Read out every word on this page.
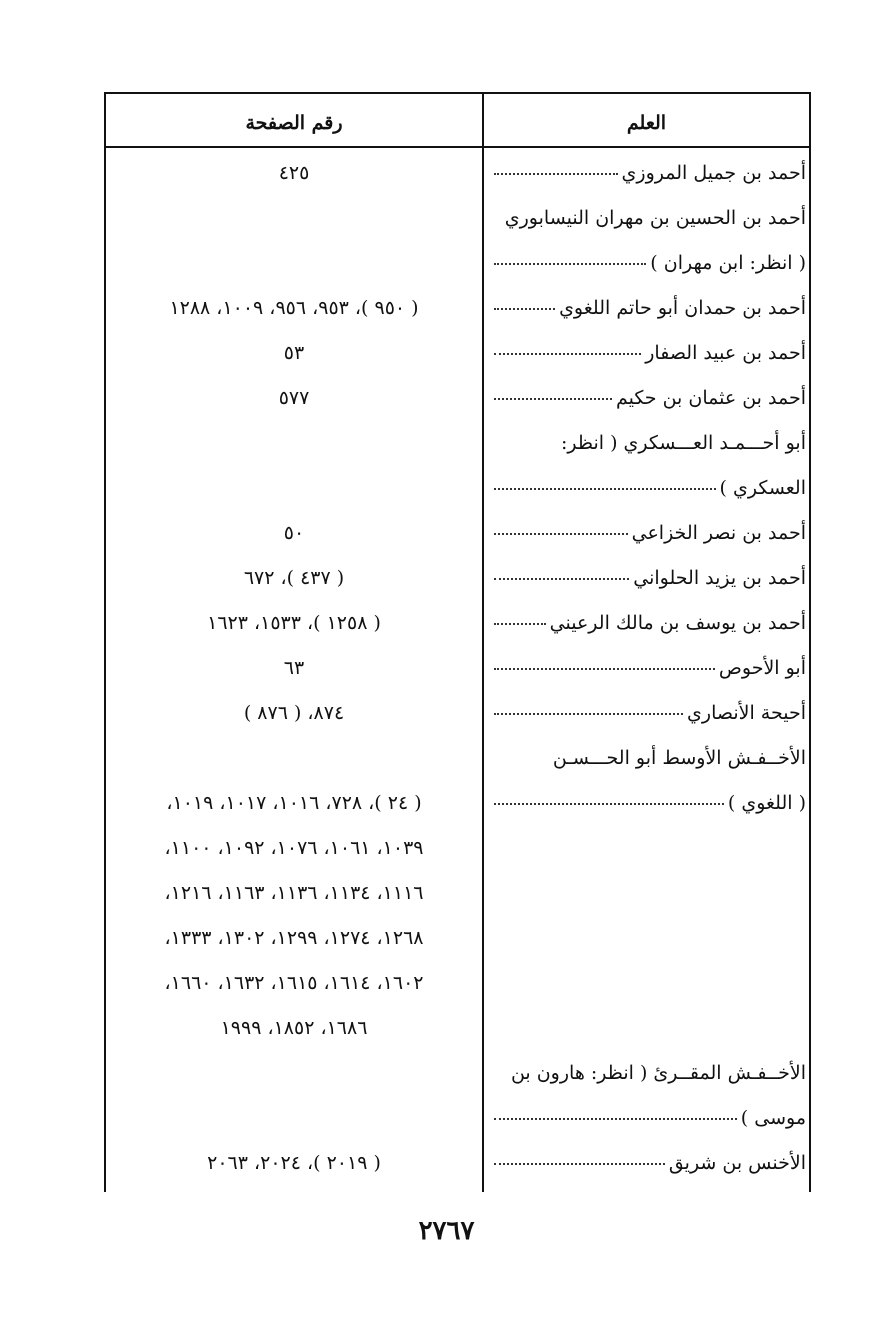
العلم
رقم الصفحة
أحمد بن جميل المروزي
٤٢٥
أحمد بن الحسين بن مهران النيسابوري
( انظر: ابن مهران )
أحمد بن حمدان أبو حاتم اللغوي
( ٩٥٠ )، ٩٥٣، ٩٥٦، ١٠٠٩، ١٢٨٨
أحمد بن عبيد الصفار
٥٣
أحمد بن عثمان بن حكيم
٥٧٧
أبو أحـــمـد العـــسكري ( انظر:
العسكري )
أحمد بن نصر الخزاعي
٥٠
أحمد بن يزيد الحلواني
( ٤٣٧ )، ٦٧٢
أحمد بن يوسف بن مالك الرعيني
( ١٢٥٨ )، ١٥٣٣، ١٦٢٣
أبو الأحوص
٦٣
أحيحة الأنصاري
٨٧٤، ( ٨٧٦ )
الأخــفـش الأوسط أبو الحـــسـن
( اللغوي )
( ٢٤ )، ٧٢٨، ١٠١٦، ١٠١٧، ١٠١٩،
١٠٣٩، ١٠٦١، ١٠٧٦، ١٠٩٢، ١١٠٠،
١١١٦، ١١٣٤، ١١٣٦، ١١٦٣، ١٢١٦،
١٢٦٨، ١٢٧٤، ١٢٩٩، ١٣٠٢، ١٣٣٣،
١٦٠٢، ١٦١٤، ١٦١٥، ١٦٣٢، ١٦٦٠،
١٦٨٦، ١٨٥٢، ١٩٩٩
الأخــفـش المقــرئ ( انظر: هارون بن
موسى )
الأخنس بن شريق
( ٢٠١٩ )، ٢٠٢٤، ٢٠٦٣
٢٧٦٧
